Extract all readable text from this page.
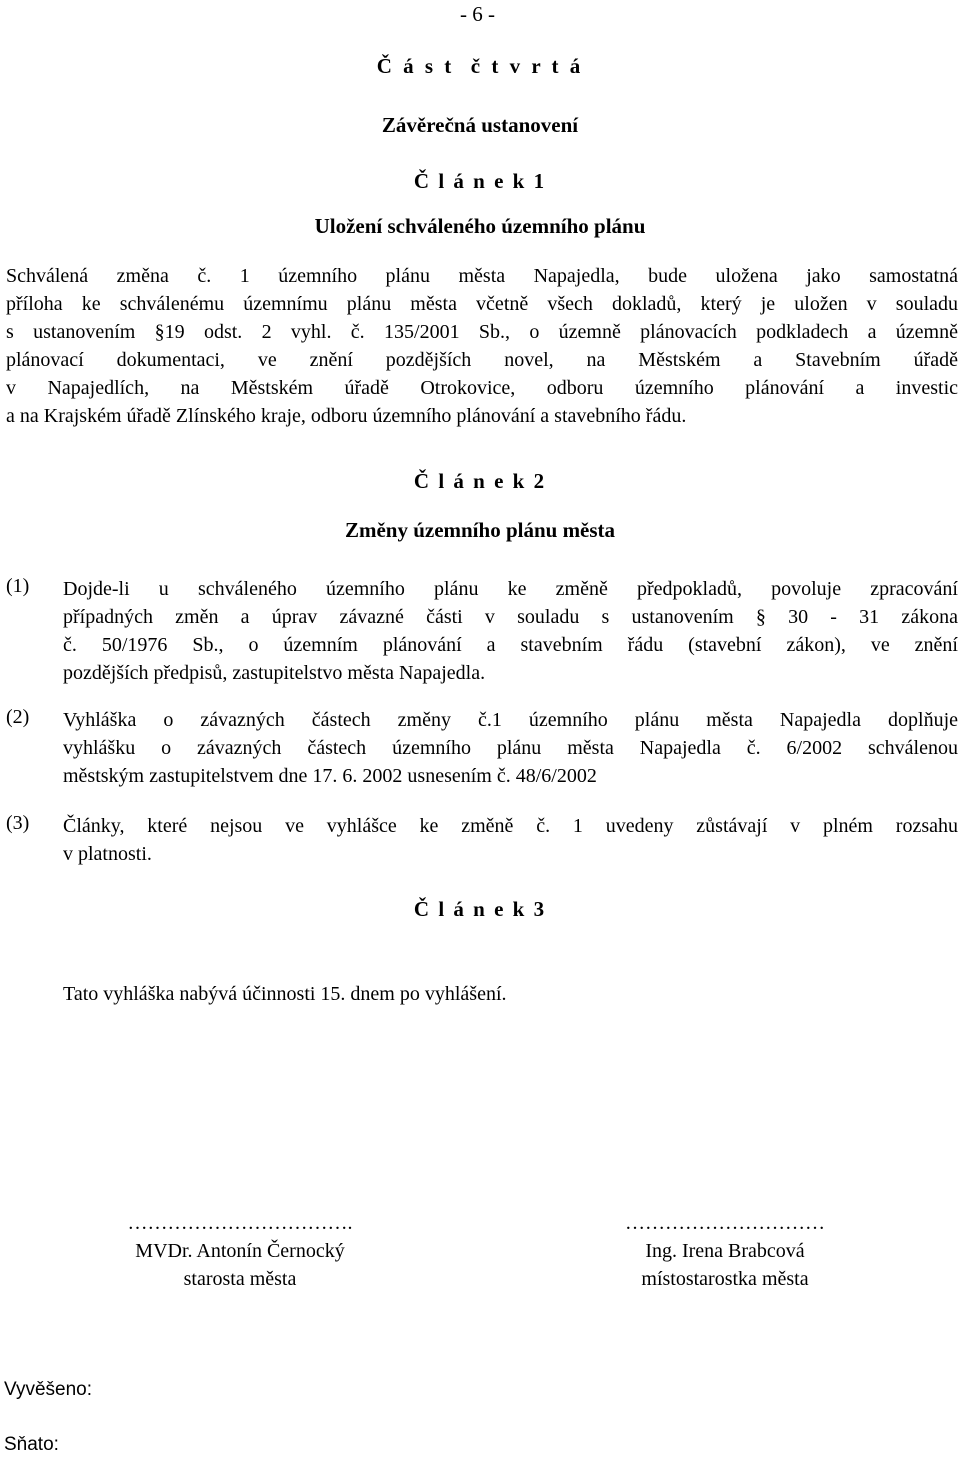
- 6 -
Č á s t  č t v r t á
Závěrečná ustanovení
Č l á n e k 1
Uložení schváleného územního plánu
Schválená změna č. 1 územního plánu města Napajedla, bude uložena jako samostatná
příloha ke schválenému územnímu plánu města včetně všech dokladů, který je uložen v souladu
s ustanovením §19 odst. 2 vyhl. č. 135/2001 Sb., o územně plánovacích podkladech a územně
plánovací dokumentaci, ve znění pozdějších novel, na Městském a Stavebním úřadě
v Napajedlích, na Městském úřadě Otrokovice, odboru územního plánování a investic
a na Krajském úřadě Zlínského kraje, odboru územního plánování a stavebního řádu.
Č l á n e k 2
Změny územního plánu města
(1) Dojde-li u schváleného územního plánu ke změně předpokladů, povoluje zpracování
případných změn a úprav závazné části v souladu s ustanovením § 30 - 31 zákona
č. 50/1976 Sb., o územním plánování a stavebním řádu (stavební zákon), ve znění
pozdějších předpisů, zastupitelstvo města Napajedla.
(2) Vyhláška o závazných částech změny č.1 územního plánu města Napajedla doplňuje
vyhlášku o závazných částech územního plánu města Napajedla č. 6/2002 schválenou
městským zastupitelstvem dne 17. 6. 2002 usnesením č. 48/6/2002
(3) Články, které nejsou ve vyhlášce ke změně č. 1 uvedeny zůstávají v plném rozsahu
v platnosti.
Č l á n e k 3
Tato vyhláška nabývá účinnosti 15. dnem po vyhlášení.
…………………………….
MVDr. Antonín Černocký
starosta města
…………………………
Ing. Irena Brabcová
místostarostka města
Vyvěšeno:
Sňato:
